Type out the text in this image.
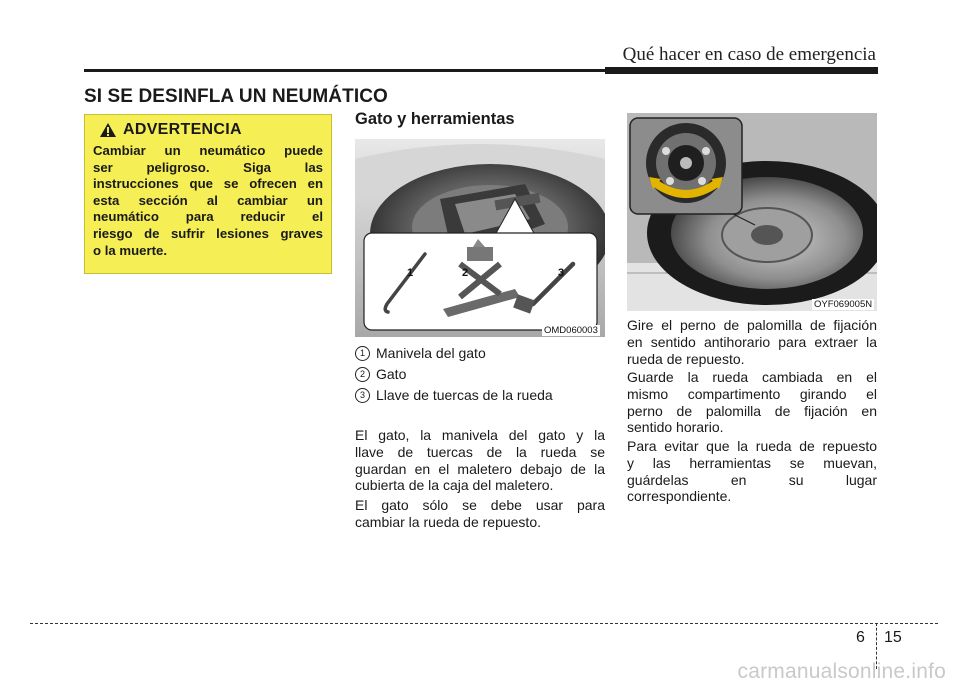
Qué hacer en caso de emergencia
SI SE DESINFLA UN NEUMÁTICO
ADVERTENCIA
Cambiar un neumático puede
ser peligroso. Siga las
instrucciones que se ofrecen en
esta sección al cambiar un
neumático para reducir el
riesgo de sufrir lesiones graves
o la muerte.
Gato y herramientas
1	2	3
OMD060003
1 Manivela del gato
2 Gato
3 Llave de tuercas de la rueda
El gato, la manivela del gato y la
llave de tuercas de la rueda se
guardan en el maletero debajo de la
cubierta de la caja del maletero.
El gato sólo se debe usar para
cambiar la rueda de repuesto.
OYF069005N
Gire el perno de palomilla de fijación
en sentido antihorario para extraer la
rueda de repuesto.
Guarde la rueda cambiada en el
mismo compartimento girando el
perno de palomilla de fijación en
sentido horario.
Para evitar que la rueda de repuesto
y las herramientas se muevan,
guárdelas en su lugar
correspondiente.
6 15
carmanualsonline.info
